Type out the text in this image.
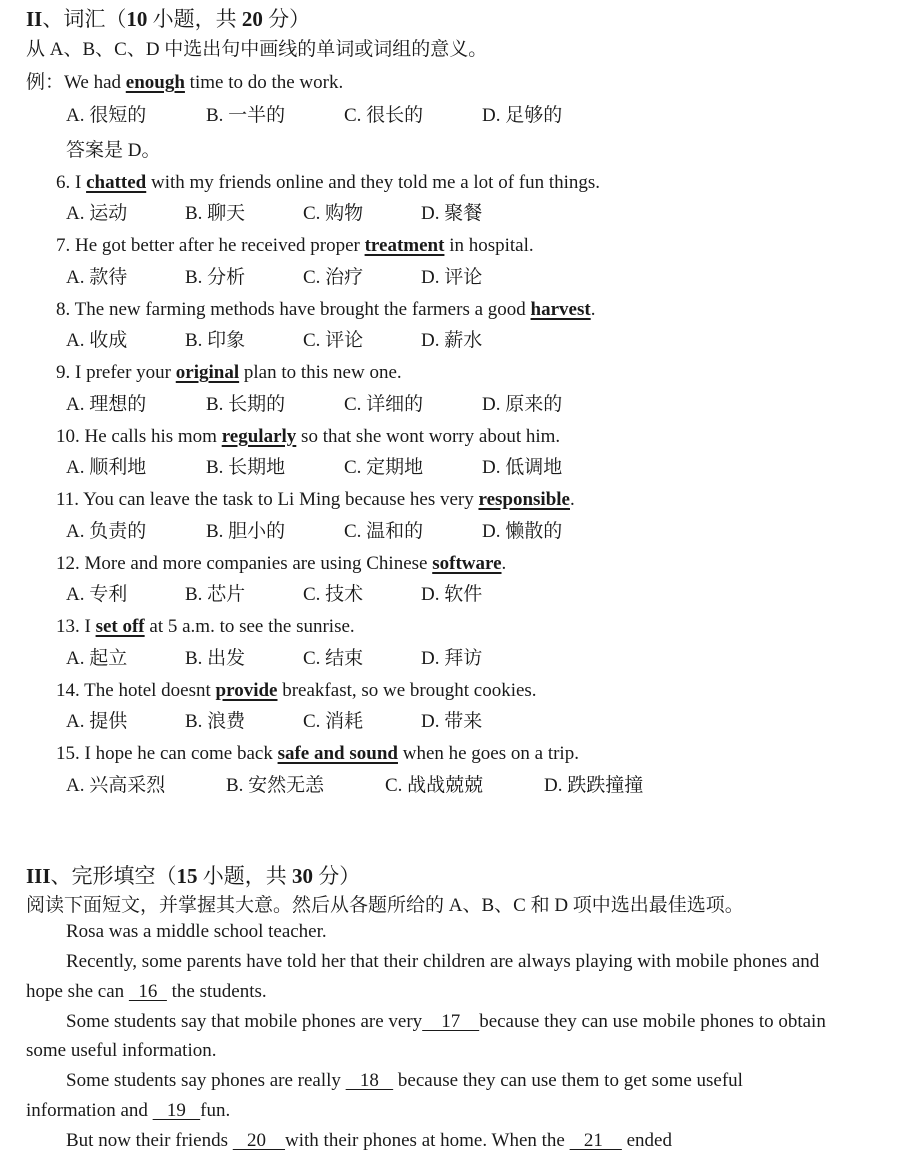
II、词汇（10 小题，共 20 分）
从 A、B、C、D 中选出句中画线的单词或词组的意义。
例：We had enough time to do the work.
A. 很短的	B. 一半的	C. 很长的	D. 足够的
答案是 D。
6. I chatted with my friends online and they told me a lot of fun things.
A. 运动	B. 聊天	C. 购物	D. 聚餐
7. He got better after he received proper treatment in hospital.
A. 款待	B. 分析	C. 治疗	D. 评论
8. The new farming methods have brought the farmers a good harvest.
A. 收成	B. 印象	C. 评论	D. 薪水
9. I prefer your original plan to this new one.
A. 理想的	B. 长期的	C. 详细的	D. 原来的
10. He calls his mom regularly so that she wont worry about him.
A. 顺利地	B. 长期地	C. 定期地	D. 低调地
11. You can leave the task to Li Ming because hes very responsible.
A. 负责的	B. 胆小的	C. 温和的	D. 懒散的
12. More and more companies are using Chinese software.
A. 专利	B. 芯片	C. 技术	D. 软件
13. I set off at 5 a.m. to see the sunrise.
A. 起立	B. 出发	C. 结束	D. 拜访
14. The hotel doesnt provide breakfast, so we brought cookies.
A. 提供	B. 浪费	C. 消耗	D. 带来
15. I hope he can come back safe and sound when he goes on a trip.
A. 兴高采烈	B. 安然无恙	C. 战战兢兢	D. 跌跌撞撞
III、完形填空（15 小题，共 30 分）
阅读下面短文，并掌握其大意。然后从各题所给的 A、B、C 和 D 项中选出最佳选项。
Rosa was a middle school teacher.
Recently, some parents have told her that their children are always playing with mobile phones and
hope she can   16   the students.
Some students say that mobile phones are very    17    because they can use mobile phones to obtain
some useful information.
Some students say phones are really    18    because they can use them to get some useful
information and    19   fun.
But now their friends    20    with their phones at home. When the    21     ended
